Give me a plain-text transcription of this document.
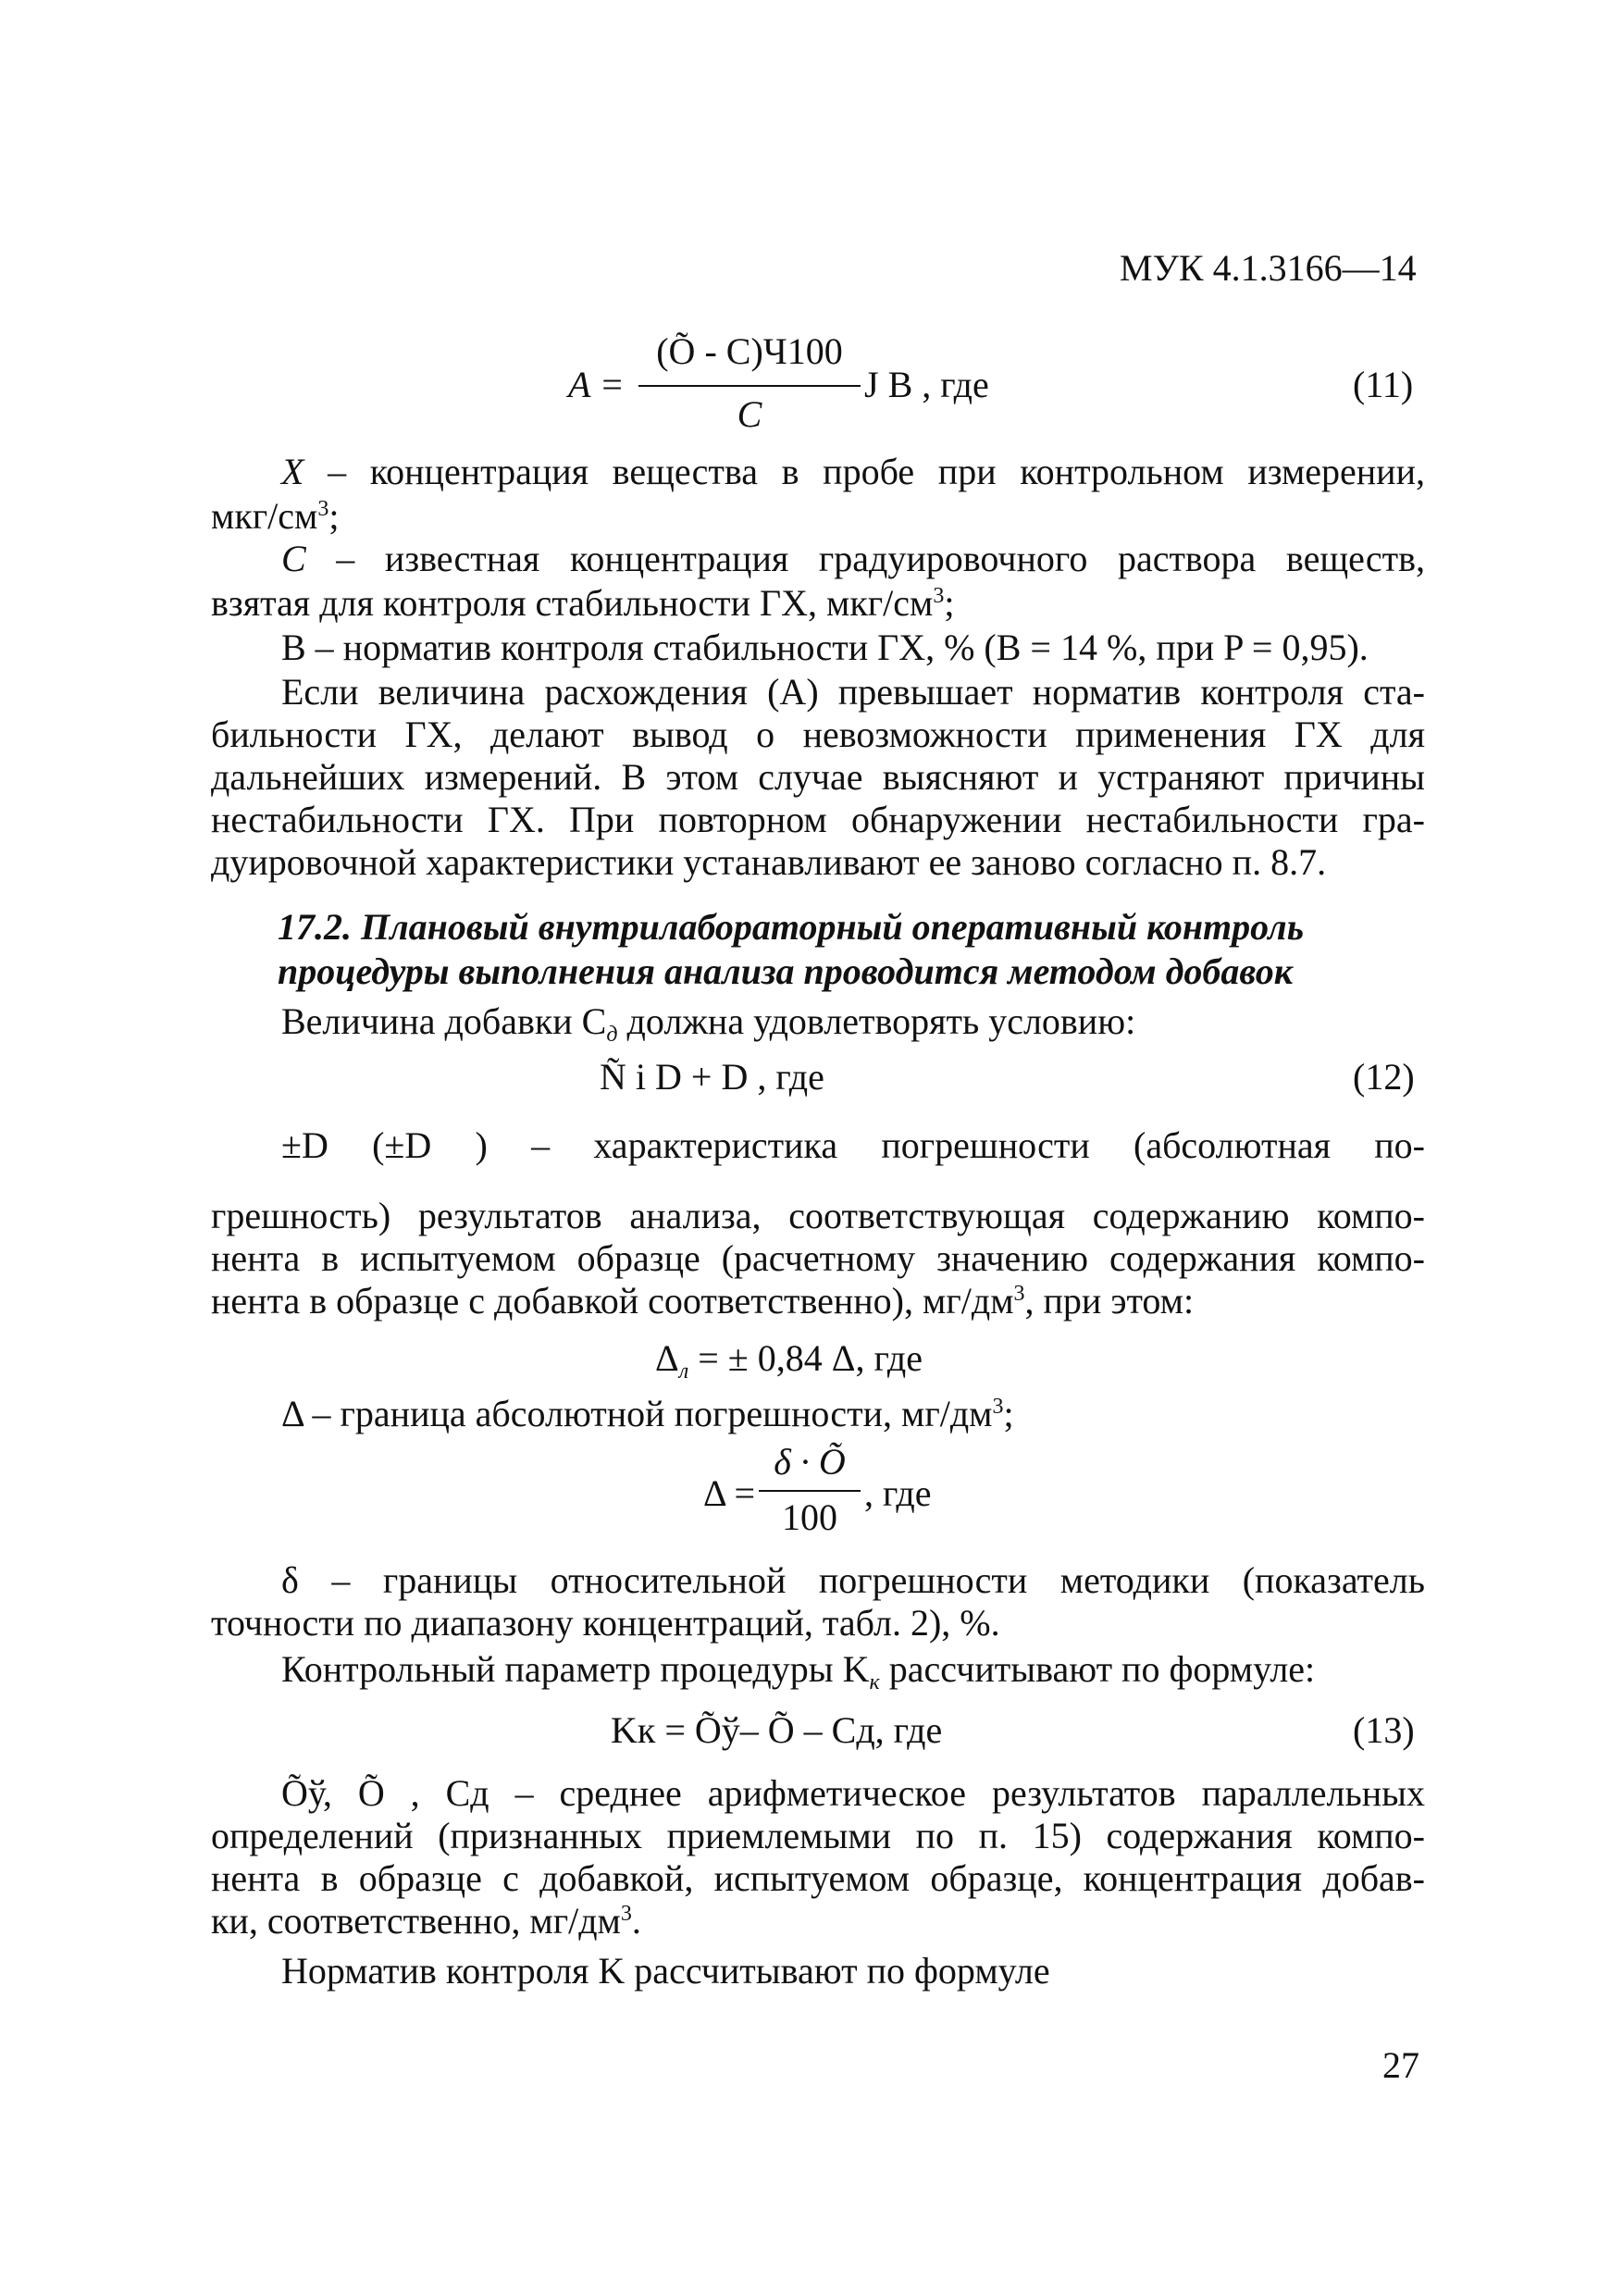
МУК 4.1.3166—14
A =
(Õ - C)Ч100
C
J B , где	(11)
X – концентрация вещества в пробе при контрольном измерении,
мкг/$см^3$;
C – известная концентрация градуировочного раствора веществ,
взятая для контроля стабильности ГХ, мкг/$см^3$;
B – норматив контроля стабильности ГХ, % (B = 14 %, при P = 0,95).
Если величина расхождения (А) превышает норматив контроля ста-
бильности ГХ, делают вывод о невозможности применения ГХ для
дальнейших измерений. В этом случае выясняют и устраняют причины
нестабильности ГХ. При повторном обнаружении нестабильности гра-
дуировочной характеристики устанавливают ее заново согласно п. 8.7.
17.2. Плановый внутрилабораторный оперативный контроль
процедуры выполнения анализа проводится методом добавок
Величина добавки $C_д$ должна удовлетворять условию:
Ñ i D + D , где	(12)
±D (±D ) – характеристика погрешности (абсолютная по-
грешность) результатов анализа, соответствующая содержанию компо-
нента в испытуемом образце (расчетному значению содержания компо-
нента в образце с добавкой соответственно), $мг/дм^3$, при этом:
$\Delta_л$ = ± 0,84 Δ, где
Δ – граница абсолютной погрешности, $мг/дм^3$;
Δ =
δ · Õ
100
, где
δ – границы относительной погрешности методики (показатель
точности по диапазону концентраций, табл. 2), %.
Контрольный параметр процедуры $K_к$ рассчитывают по формуле:
Kк = Õў– Õ – Cд, где	(13)
Õў, Õ , Cд – среднее арифметическое результатов параллельных
определений (признанных приемлемыми по п. 15) содержания компо-
нента в образце с добавкой, испытуемом образце, концентрация добав-
ки, соответственно, $мг/дм^3$.
Норматив контроля K рассчитывают по формуле
27
